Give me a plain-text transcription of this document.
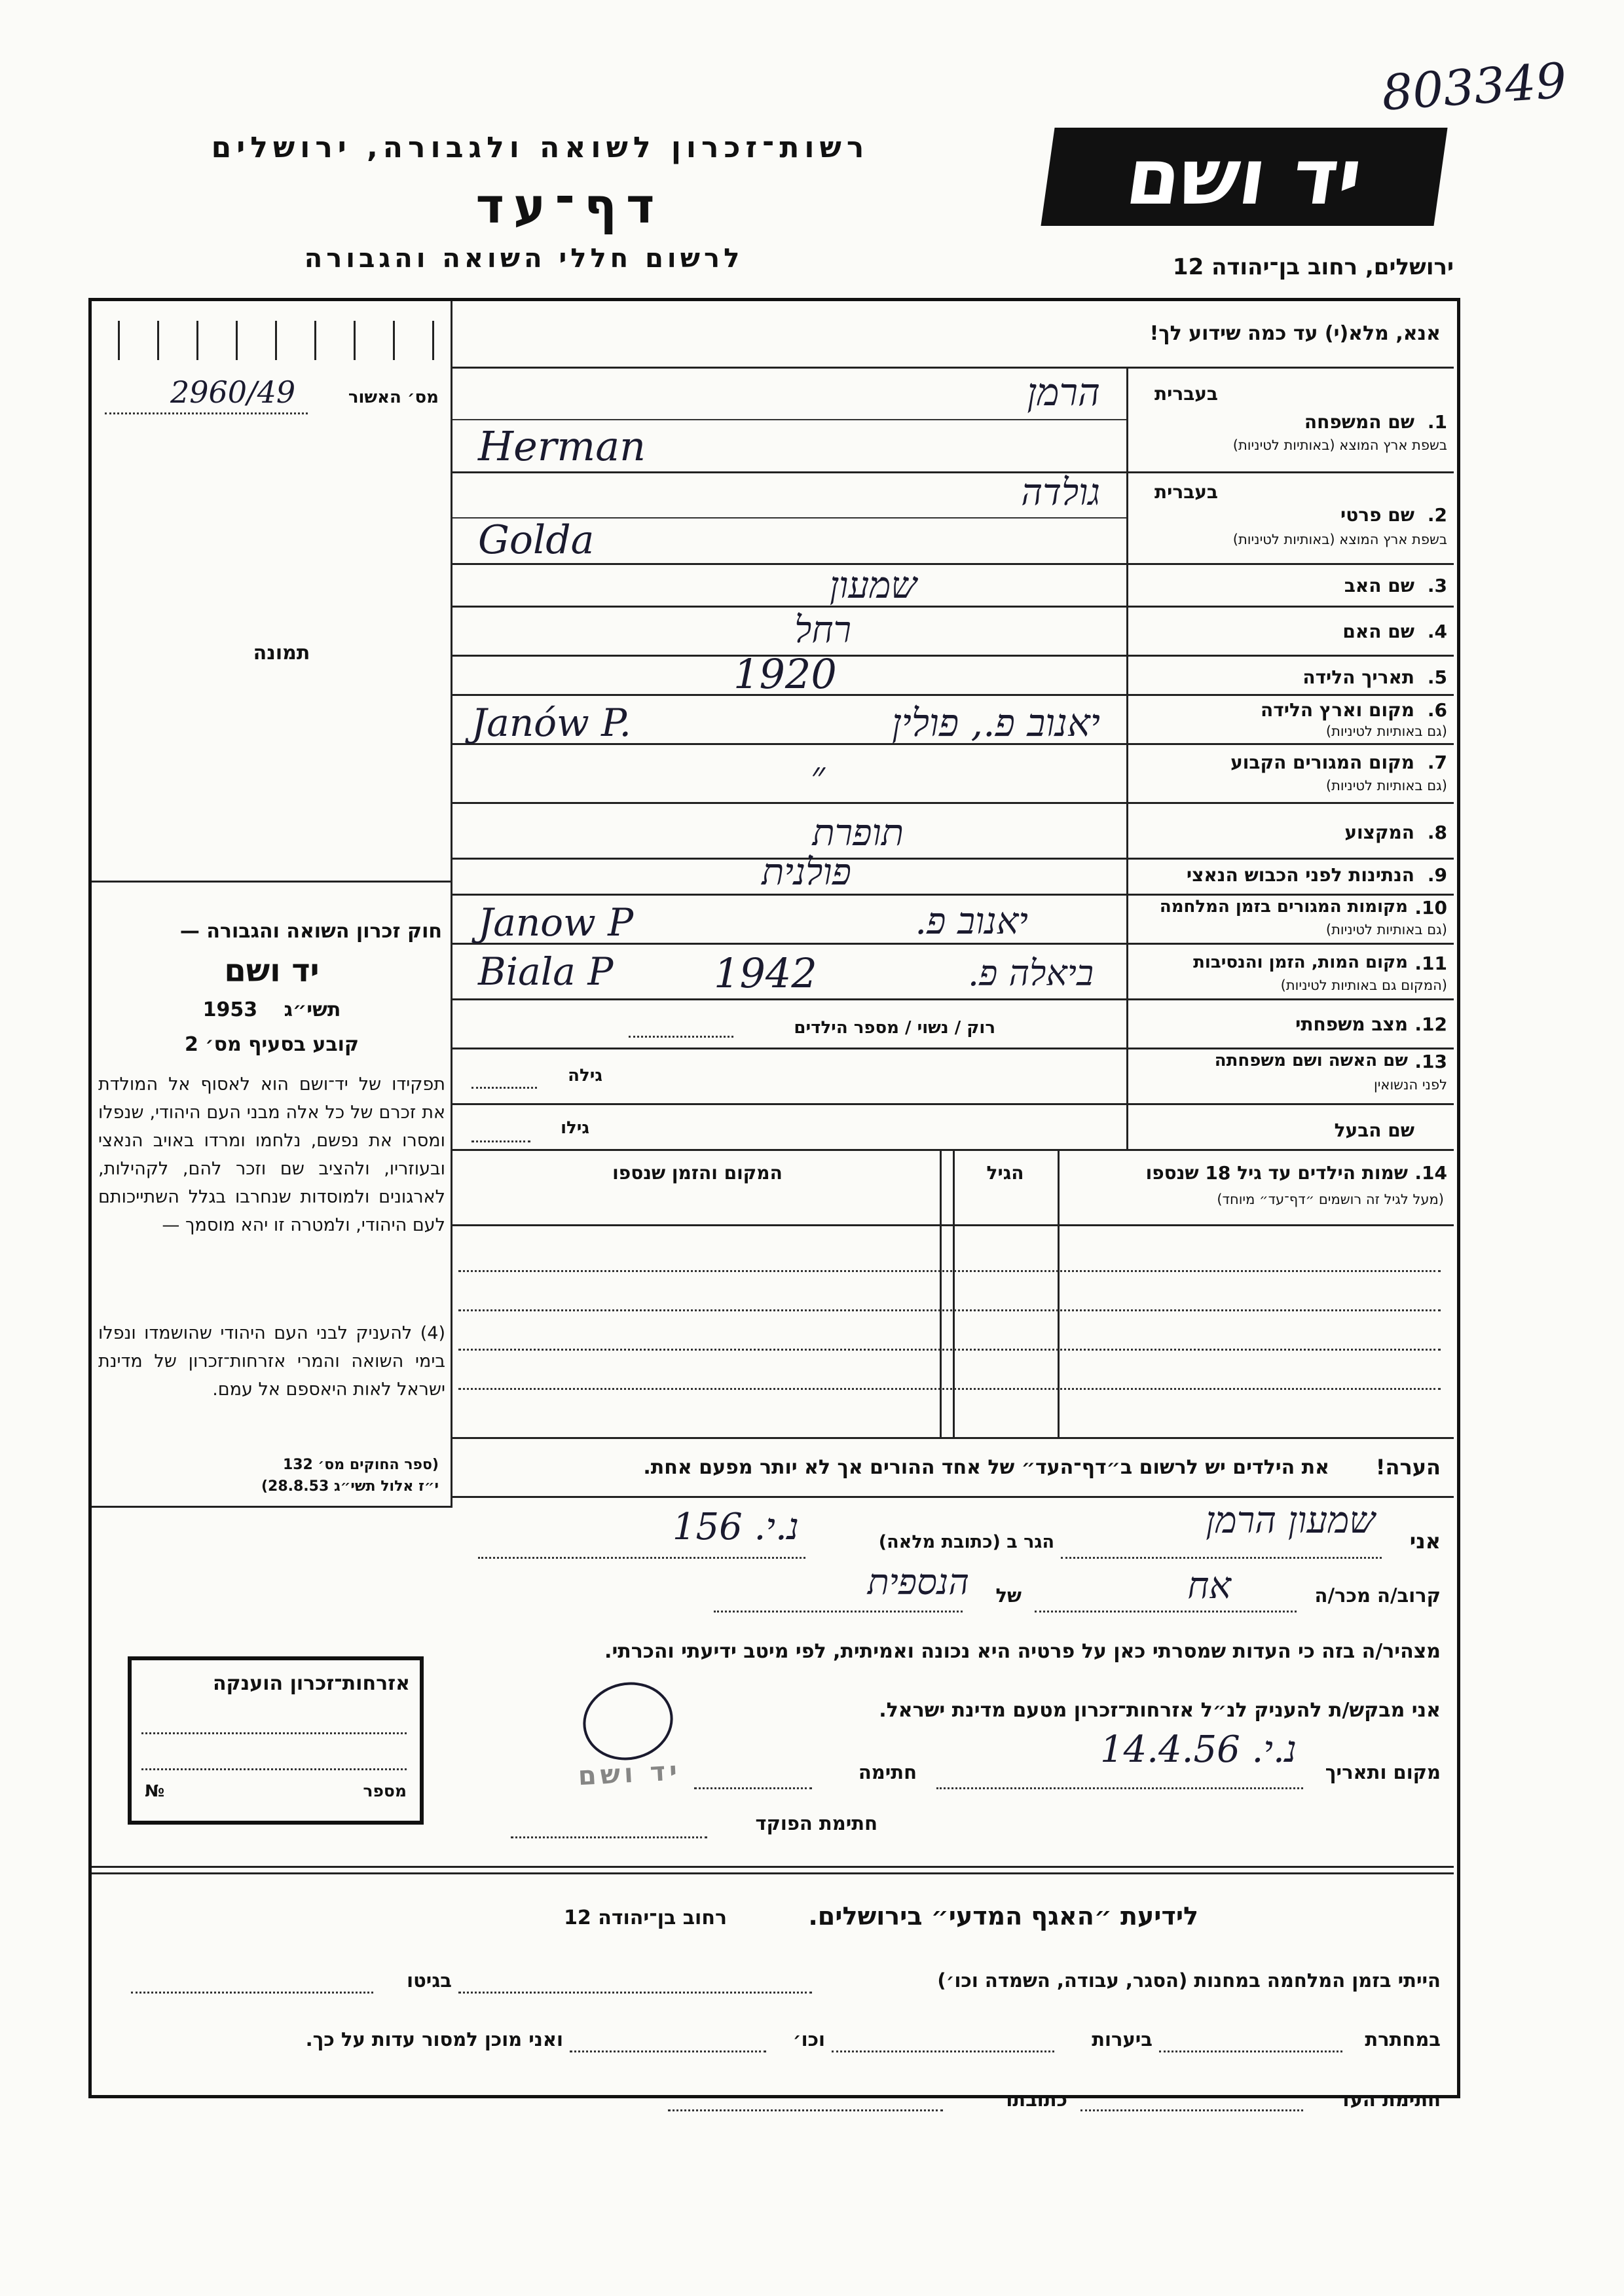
803349
רשות־זכרון לשואה ולגבורה, ירושלים	יד ושם
דף־עד
לרשום חללי השואה והגבורה	ירושלים, רחוב בן־יהודה 12
אנא, מלא(י) עד כמה שידוע לך!
מס׳ האשור
2960/49
תמונה
בעברית
1.
שם המשפחה
בשפת ארץ המוצא (באותיות לטיניות)
הרמן
Herman
בעברית
2.
שם פרטי
בשפת ארץ המוצא (באותיות לטיניות)
גולדה
Golda
3.
שם האב
שמעון
4.
שם האם
רחל
5.
תאריך הלידה
1920
6.
מקום וארץ הלידה
(גם באותיות לטיניות)
יאנוב פ., פולין
Janów P.
7.
מקום המגורים הקבוע
(גם באותיות לטיניות)
״
8.
המקצוע
תופרת
9.
הנתינות לפני הכבוש הנאצי
פולנית
10.
מקומות המגורים בזמן המלחמה
(גם באותיות לטיניות)
יאנוב פ.
Janow P
11.
מקום המות, הזמן והנסיבות
(המקום גם באותיות לטיניות)
ביאלה פ.
1942
Biala P
12.
מצב משפחתי
רוק / נשוי / מספר הילדים
13.
שם האשה ושם משפחתה
לפני הנשואין
גילה
שם הבעל
גילו
14.
שמות הילדים עד גיל 18 שנספו
(מעל לגיל זה רושמים ״דף־עד״ מיוחד)
הגיל
המקום והזמן שנספו
הערה!
את הילדים יש לרשום ב״דף־העד״ של אחד ההורים אך לא יותר מפעם אחת.
חוק זכרון השואה והגבורה —
יד ושם
תשי״ג 1953
קובע בסעיף מס׳ 2
תפקידו של יד־ושם הוא לאסוף אל המולדת את זכרם של כל אלה מבני העם היהודי, שנפלו ומסרו את נפשם, נלחמו ומרדו באויב הנאצי ובעוזריו, ולהציב שם וזכר להם, לקהילות, לארגונים ולמוסדות שנחרבו בגלל השתייכותם לעם היהודי, ולמטרה זו יהא מוסמך —
(4) להעניק לבני העם היהודי שהושמדו ונפלו בימי השואה והמרי אזרחות־זכרון של מדינת ישראל לאות היאספם אל עמם.
(ספר החוקים מס׳ 132
י״ז אלול תשי״ג 28.8.53)
אני
שמעון הרמן
הגר ב (כתובת מלאה)
נ.י. 156
קרוב/ה מכר/ה
אח
של
הנספית
מצהיר/ה בזה כי העדות שמסרתי כאן על פרטיה היא נכונה ואמיתית, לפי מיטב ידיעתי והכרתי.
אני מבקש/ת להעניק לנ״ל אזרחות־זכרון מטעם מדינת ישראל.
מקום ותאריך
נ.י. 14.4.56
חתימה
יד ושם
חתימת הפוקד
אזרחות־זכרון הוענקה
מספר
№
לידיעת ״האגף המדעי״ בירושלים.
רחוב בן־יהודה 12
הייתי בזמן המלחמה במחנות (הסגר, עבודה, השמדה וכו׳)
בגיטו
במחתרת
ביערות
וכו׳
ואני מוכן למסור עדות על כך.
חתימת העד
כתובתו
